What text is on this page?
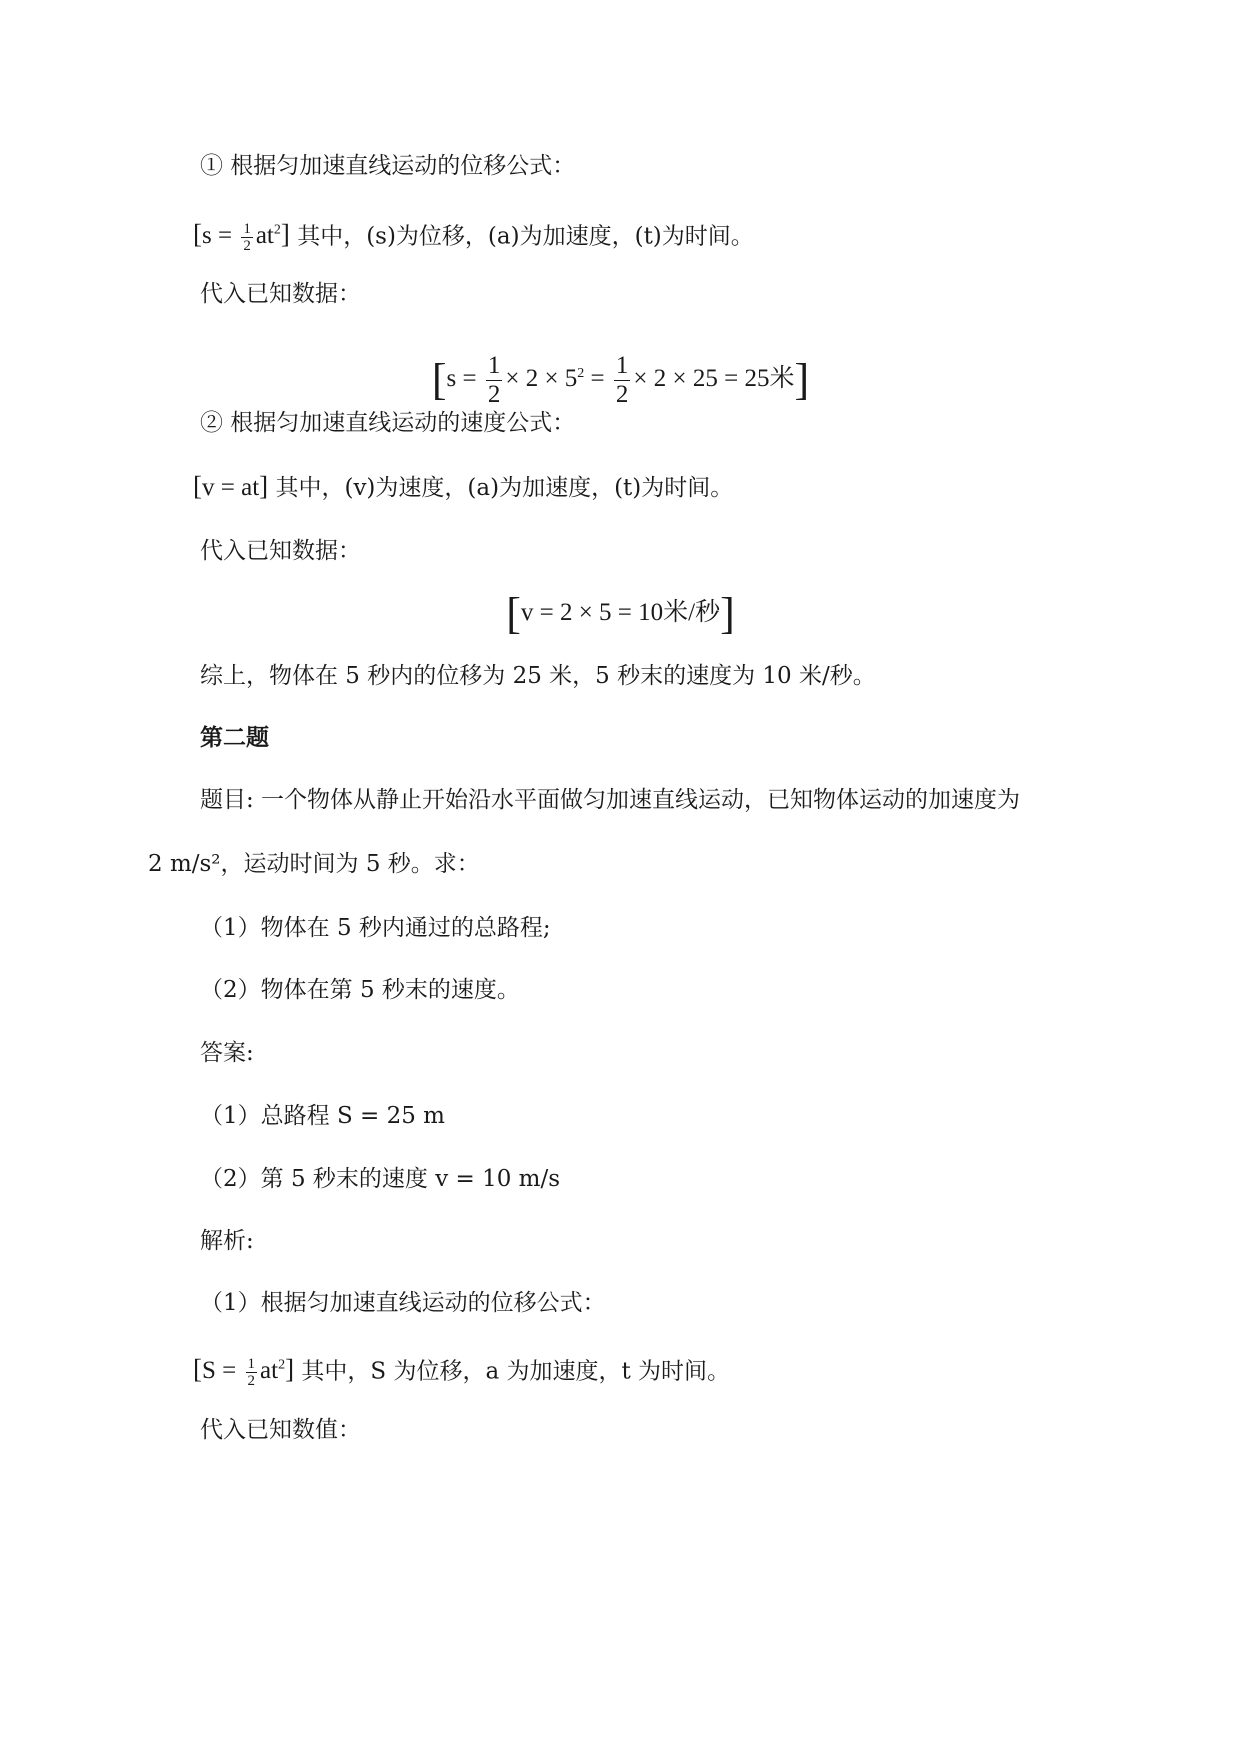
① 根据匀加速直线运动的位移公式：
$[s = \frac{1}{2} at^2]$ 其中，(s)为位移，(a)为加速度，(t)为时间。
代入已知数据：
[$s = \frac{1}{2} \times 2 \times 5^2 = \frac{1}{2} \times 2 \times 25 = 25$米]
② 根据匀加速直线运动的速度公式：
[v = at] 其中，(v)为速度，(a)为加速度，(t)为时间。
代入已知数据：
[v = 2 × 5 = 10米/秒]
综上，物体在 5 秒内的位移为 25 米，5 秒末的速度为 10 米/秒。
第二题
题目: 一个物体从静止开始沿水平面做匀加速直线运动，已知物体运动的加速度为
2 m/s²，运动时间为 5 秒。求：
（1）物体在 5 秒内通过的总路程;
（2）物体在第 5 秒末的速度。
答案:
（1）总路程 S = 25 m
（2）第 5 秒末的速度 v = 10 m/s
解析:
（1）根据匀加速直线运动的位移公式：
$[S = \frac{1}{2} at^2]$ 其中，S 为位移，a 为加速度，t 为时间。
代入已知数值：
